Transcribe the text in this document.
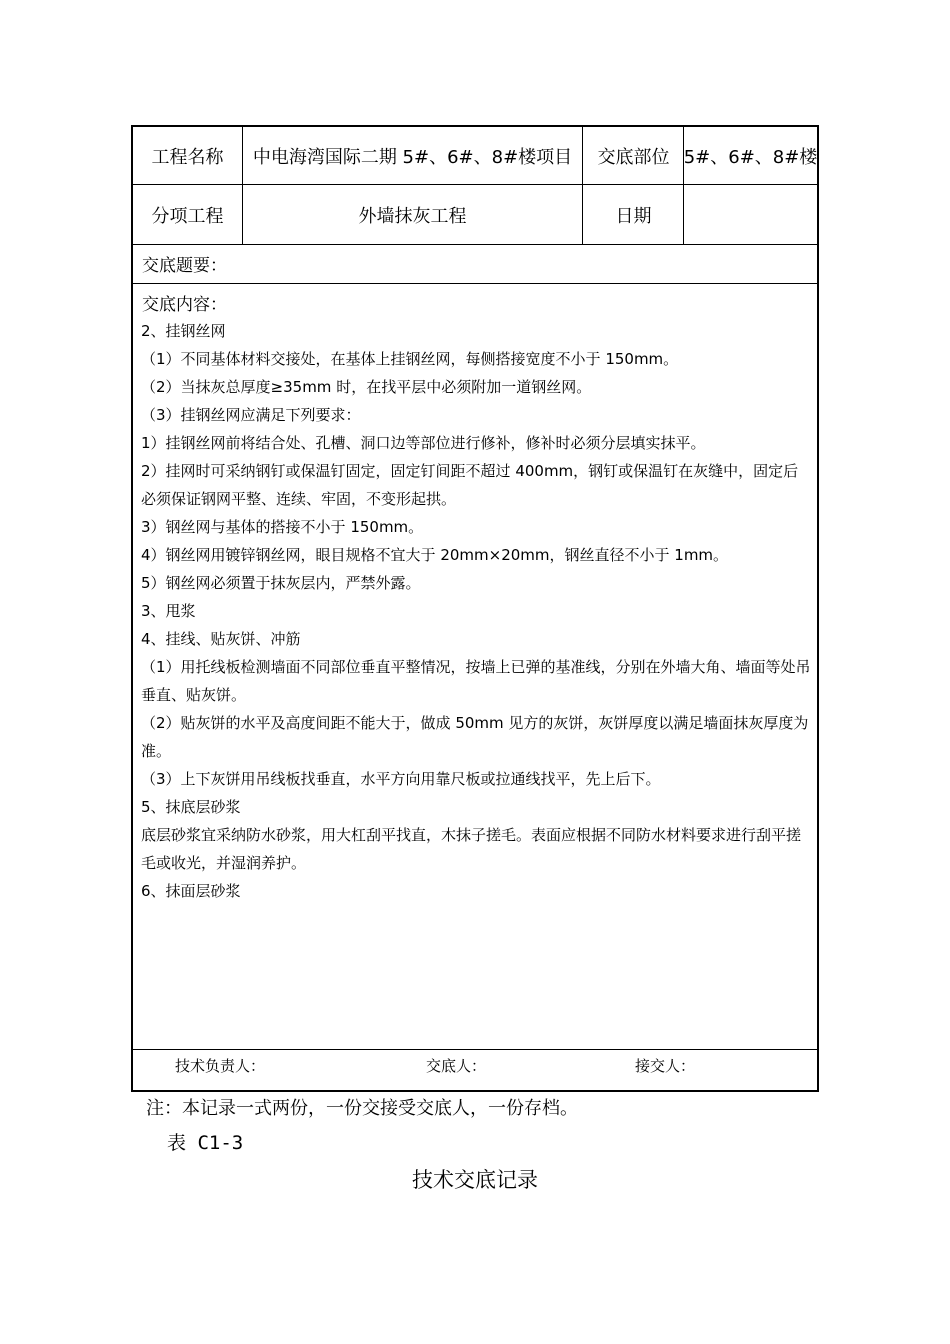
工程名称	中电海湾国际二期 5#、6#、8#楼项目	交底部位 5#、6#、8#楼
分项工程	外墙抹灰工程	日期
交底题要：
交底内容：

2、挂钢丝网

（1）不同基体材料交接处，在基体上挂钢丝网，每侧搭接宽度不小于 150mm。

（2）当抹灰总厚度≥35mm 时，在找平层中必须附加一道钢丝网。

（3）挂钢丝网应满足下列要求：

1）挂钢丝网前将结合处、孔槽、洞口边等部位进行修补，修补时必须分层填实抹平。

2）挂网时可采纳钢钉或保温钉固定，固定钉间距不超过 400mm，钢钉或保温钉在灰缝中，固定后必须保证钢网平整、连续、牢固，不变形起拱。

3）钢丝网与基体的搭接不小于 150mm。

4）钢丝网用镀锌钢丝网，眼目规格不宜大于 20mm×20mm，钢丝直径不小于 1mm。

5）钢丝网必须置于抹灰层内，严禁外露。

3、甩浆

4、挂线、贴灰饼、冲筋

（1）用托线板检测墙面不同部位垂直平整情况，按墙上已弹的基准线，分别在外墙大角、墙面等处吊垂直、贴灰饼。

（2）贴灰饼的水平及高度间距不能大于，做成 50mm 见方的灰饼，灰饼厚度以满足墙面抹灰厚度为准。

（3）上下灰饼用吊线板找垂直，水平方向用靠尺板或拉通线找平，先上后下。

5、抹底层砂浆

底层砂浆宜采纳防水砂浆，用大杠刮平找直，木抹子搓毛。表面应根据不同防水材料要求进行刮平搓毛或收光，并湿润养护。

6、抹面层砂浆

技术负责人：	交底人：	接交人：
注：本记录一式两份，一份交接受交底人，一份存档。
表 C1-3
技术交底记录
